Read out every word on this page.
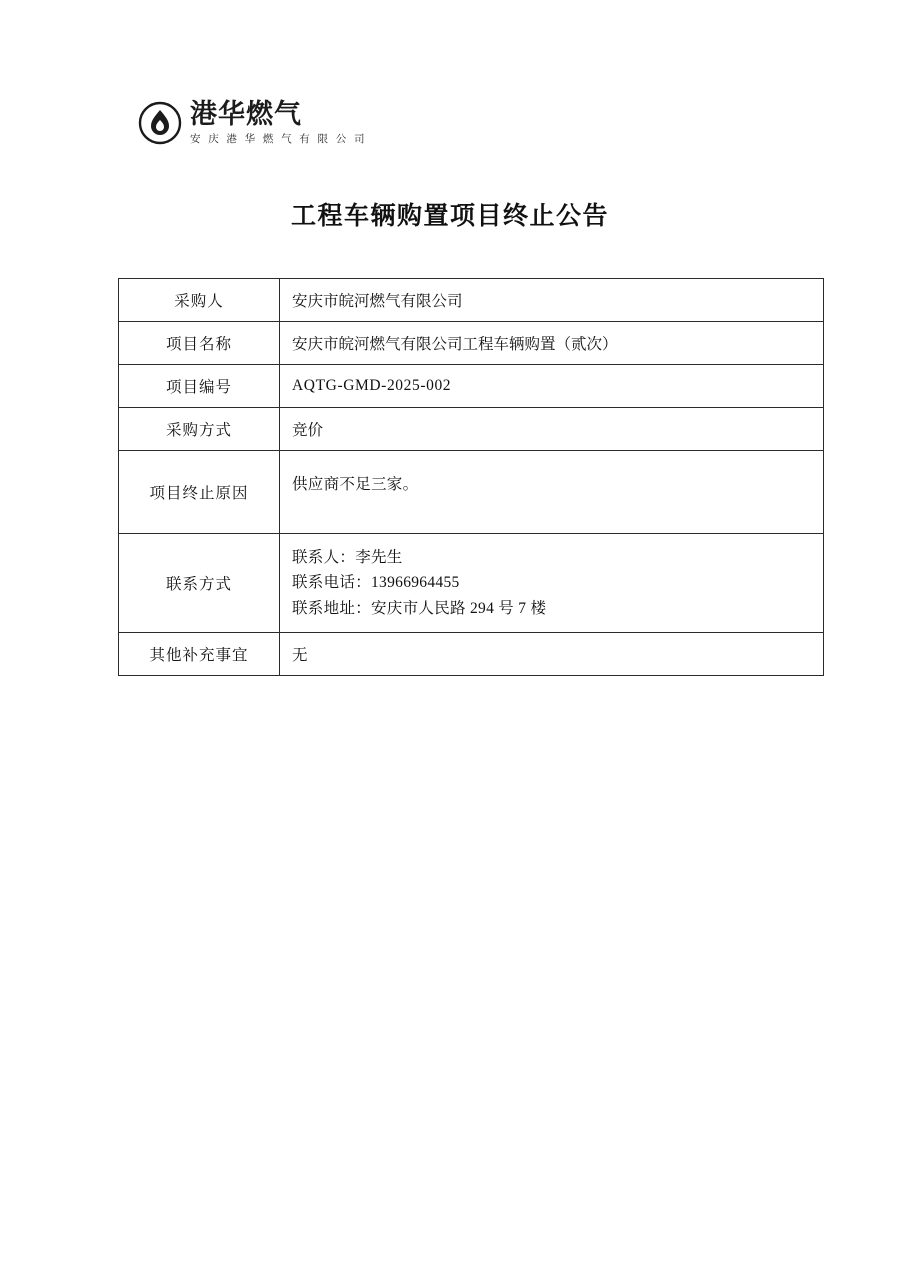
港华燃气
安 庆 港 华 燃 气 有 限 公 司
工程车辆购置项目终止公告
采购人	安庆市皖河燃气有限公司
项目名称	安庆市皖河燃气有限公司工程车辆购置（贰次）
项目编号	AQTG-GMD-2025-002
采购方式	竞价
项目终止原因	供应商不足三家。

联系方式	联系人：李先生
联系电话：13966964455
联系地址：安庆市人民路 294 号 7 楼

其他补充事宜	无
